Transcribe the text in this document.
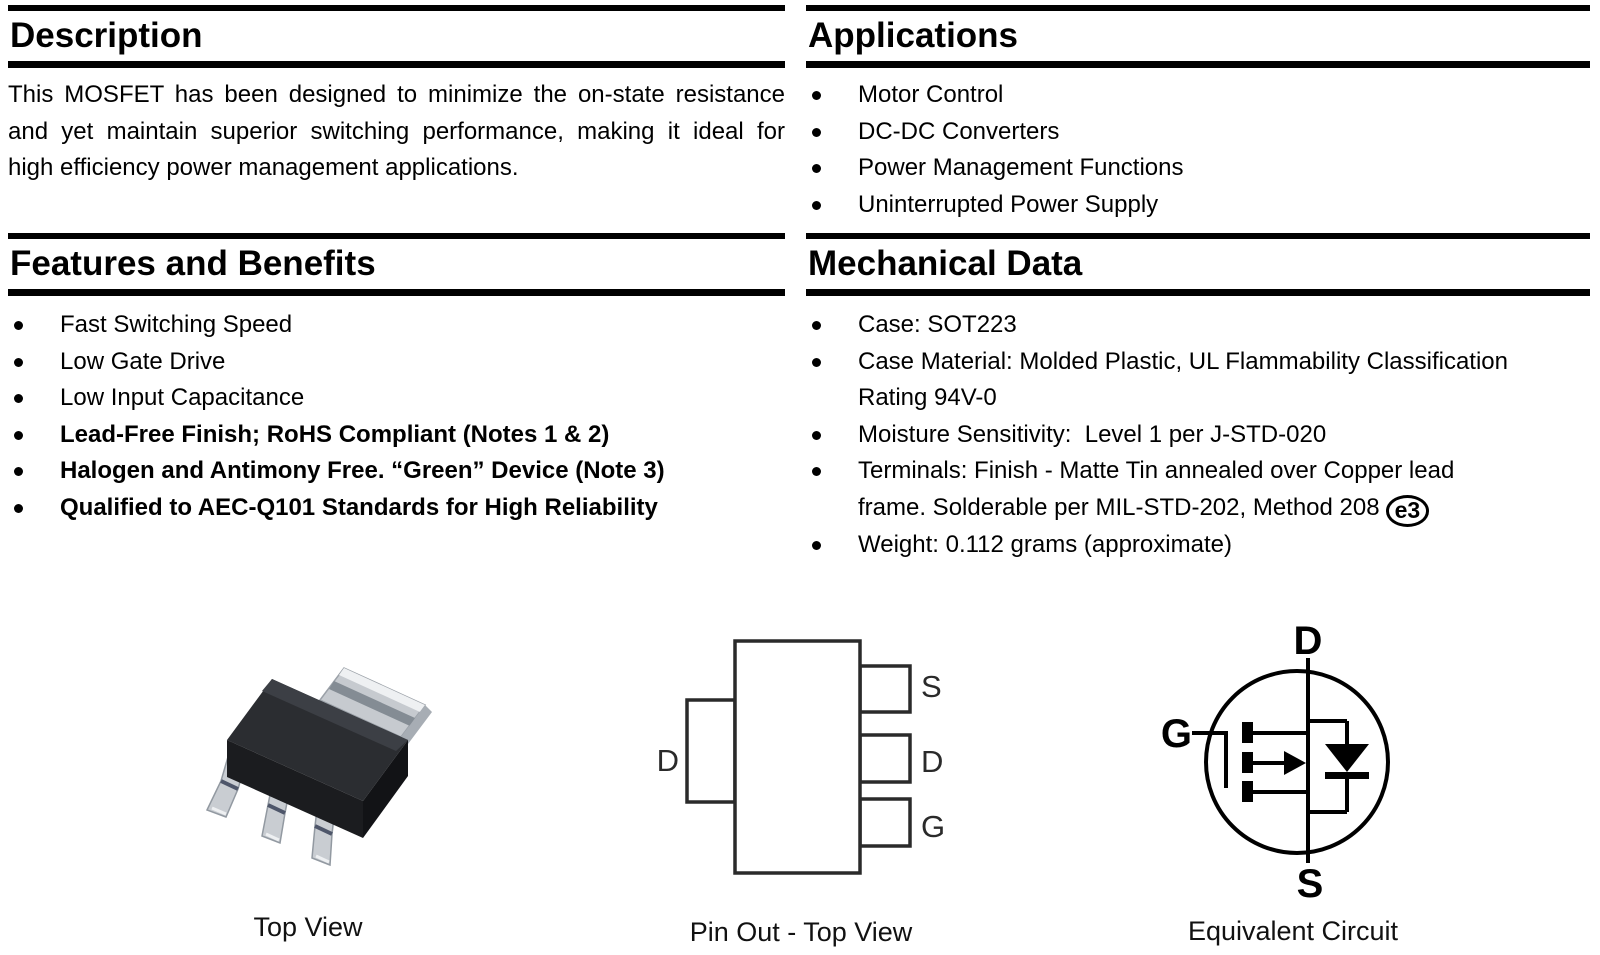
Description
This MOSFET has been designed to minimize the on-state resistance
and yet maintain superior switching performance, making it ideal for
high efficiency power management applications.
Applications
Motor Control
DC-DC Converters
Power Management Functions
Uninterrupted Power Supply
Features and Benefits
Fast Switching Speed
Low Gate Drive
Low Input Capacitance
Lead-Free Finish; RoHS Compliant (Notes 1 & 2)
Halogen and Antimony Free. “Green” Device (Note 3)
Qualified to AEC-Q101 Standards for High Reliability
Mechanical Data
Case: SOT223
Case Material: Molded Plastic, UL Flammability Classification Rating 94V-0
Moisture Sensitivity:  Level 1 per J-STD-020
Terminals: Finish - Matte Tin annealed over Copper lead frame. Solderable per MIL-STD-202, Method 208 e3
Weight: 0.112 grams (approximate)
Top View
D
S
D
G
Pin Out - Top View
D
S
G
Equivalent Circuit
